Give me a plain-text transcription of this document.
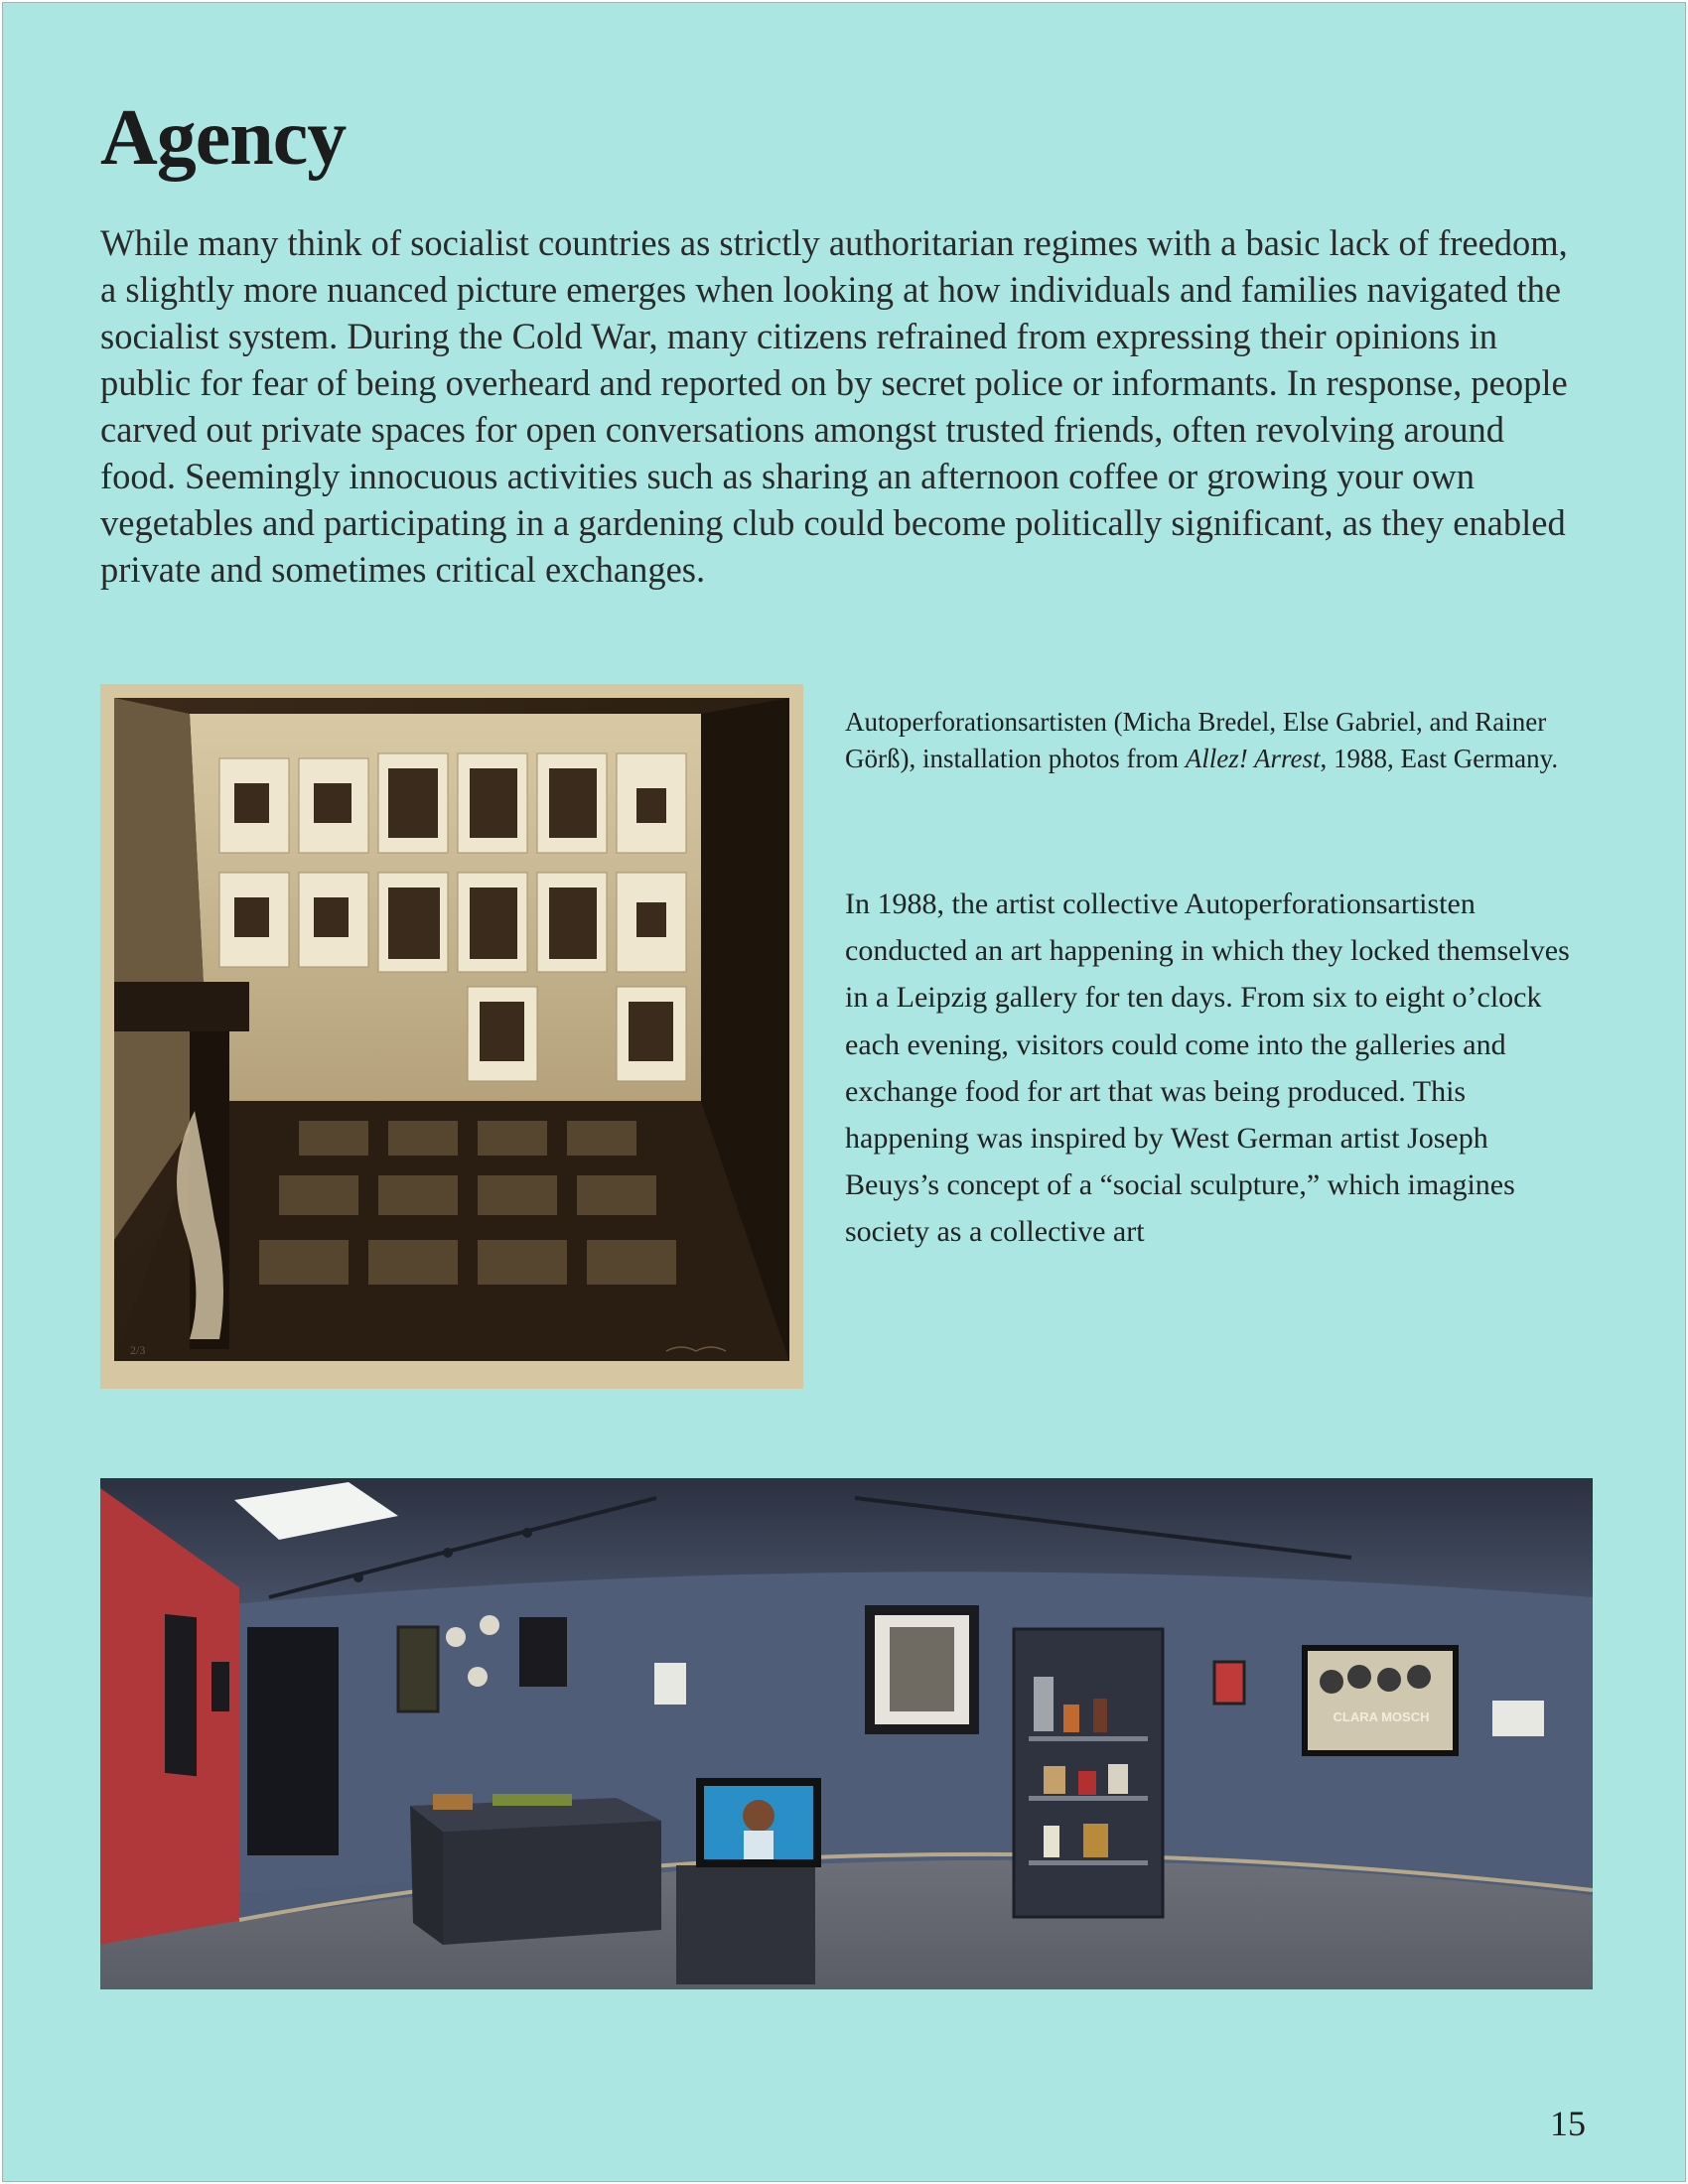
Agency

While many think of socialist countries as strictly authoritarian regimes with a basic lack of freedom, a slightly more nuanced picture emerges when looking at how individuals and families navigated the socialist system. During the Cold War, many citizens refrained from expressing their opinions in public for fear of being overheard and reported on by secret police or informants. In response, people carved out private spaces for open conversations amongst trusted friends, often revolving around food. Seemingly innocuous activities such as sharing an afternoon coffee or growing your own vegetables and participating in a gardening club could become politically significant, as they enabled private and sometimes critical exchanges.

2/3

Autoperforationsartisten (Micha Bredel, Else Gabriel, and Rainer Görß), installation photos from Allez! Arrest, 1988, East Germany.

In 1988, the artist collective Autoperforationsartisten conducted an art happening in which they locked themselves in a Leipzig gallery for ten days. From six to eight o’clock each evening, visitors could come into the galleries and exchange food for art that was being produced. This happening was inspired by West German artist Joseph Beuys’s concept of a “social sculpture,” which imagines society as a collective art

CLARA MOSCH

15
